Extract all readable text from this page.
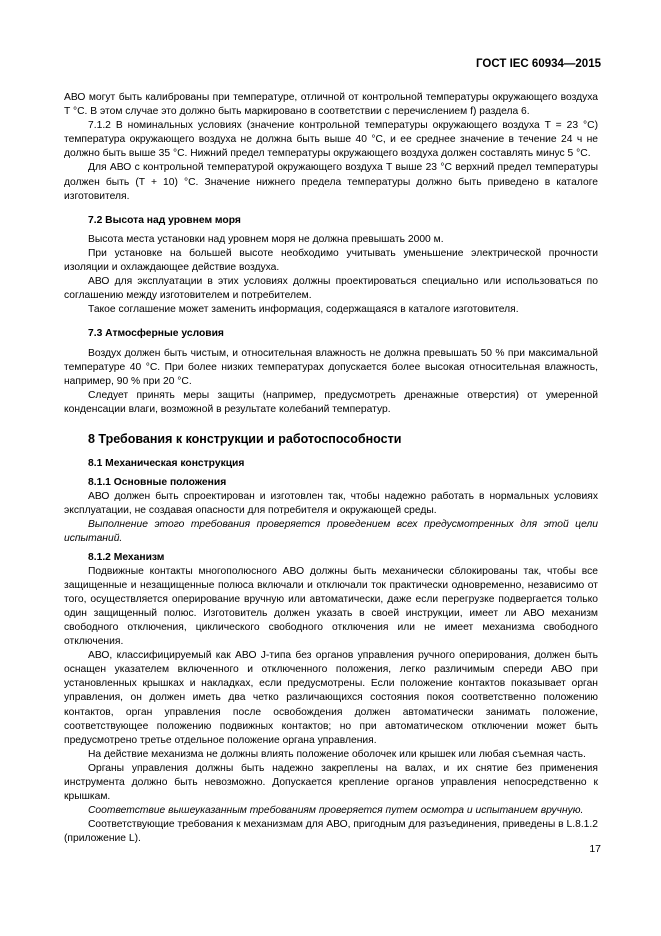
ГОСТ IEC 60934—2015

АВО могут быть калиброваны при температуре, отличной от контрольной температуры окружающего воздуха T °С. В этом случае это должно быть маркировано в соответствии с перечислением f) раздела 6.

7.1.2 В номинальных условиях (значение контрольной температуры окружающего воздуха T = 23 °С) температура окружающего воздуха не должна быть выше 40 °С, и ее среднее значение в течение 24 ч не должно быть выше 35 °С. Нижний предел температуры окружающего воздуха должен составлять минус 5 °С.

Для АВО с контрольной температурой окружающего воздуха T выше 23 °С верхний предел температуры должен быть (T + 10) °С. Значение нижнего предела температуры должно быть приведено в каталоге изготовителя.

7.2 Высота над уровнем моря

Высота места установки над уровнем моря не должна превышать 2000 м.

При установке на большей высоте необходимо учитывать уменьшение электрической прочности изоляции и охлаждающее действие воздуха.

АВО для эксплуатации в этих условиях должны проектироваться специально или использоваться по соглашению между изготовителем и потребителем.

Такое соглашение может заменить информация, содержащаяся в каталоге изготовителя.

7.3 Атмосферные условия

Воздух должен быть чистым, и относительная влажность не должна превышать 50 % при максимальной температуре 40 °С. При более низких температурах допускается более высокая относительная влажность, например, 90 % при 20 °С.

Следует принять меры защиты (например, предусмотреть дренажные отверстия) от умеренной конденсации влаги, возможной в результате колебаний температур.

8 Требования к конструкции и работоспособности
8.1 Механическая конструкция
8.1.1 Основные положения

АВО должен быть спроектирован и изготовлен так, чтобы надежно работать в нормальных условиях эксплуатации, не создавая опасности для потребителя и окружающей среды.

Выполнение этого требования проверяется проведением всех предусмотренных для этой цели испытаний.

8.1.2 Механизм

Подвижные контакты многополюсного АВО должны быть механически сблокированы так, чтобы все защищенные и незащищенные полюса включали и отключали ток практически одновременно, независимо от того, осуществляется оперирование вручную или автоматически, даже если перегрузке подвергается только один защищенный полюс. Изготовитель должен указать в своей инструкции, имеет ли АВО механизм свободного отключения, циклического свободного отключения или не имеет механизма свободного отключения.

АВО, классифицируемый как АВО J-типа без органов управления ручного оперирования, должен быть оснащен указателем включенного и отключенного положения, легко различимым спереди АВО при установленных крышках и накладках, если предусмотрены. Если положение контактов показывает орган управления, он должен иметь два четко различающихся состояния покоя соответственно положению контактов, орган управления после освобождения должен автоматически занимать положение, соответствующее положению подвижных контактов; но при автоматическом отключении может быть предусмотрено третье отдельное положение органа управления.

На действие механизма не должны влиять положение оболочек или крышек или любая съемная часть.

Органы управления должны быть надежно закреплены на валах, и их снятие без применения инструмента должно быть невозможно. Допускается крепление органов управления непосредственно к крышкам.

Соответствие вышеуказанным требованиям проверяется путем осмотра и испытанием вручную.

Соответствующие требования к механизмам для АВО, пригодным для разъединения, приведены в L.8.1.2 (приложение L).

17
